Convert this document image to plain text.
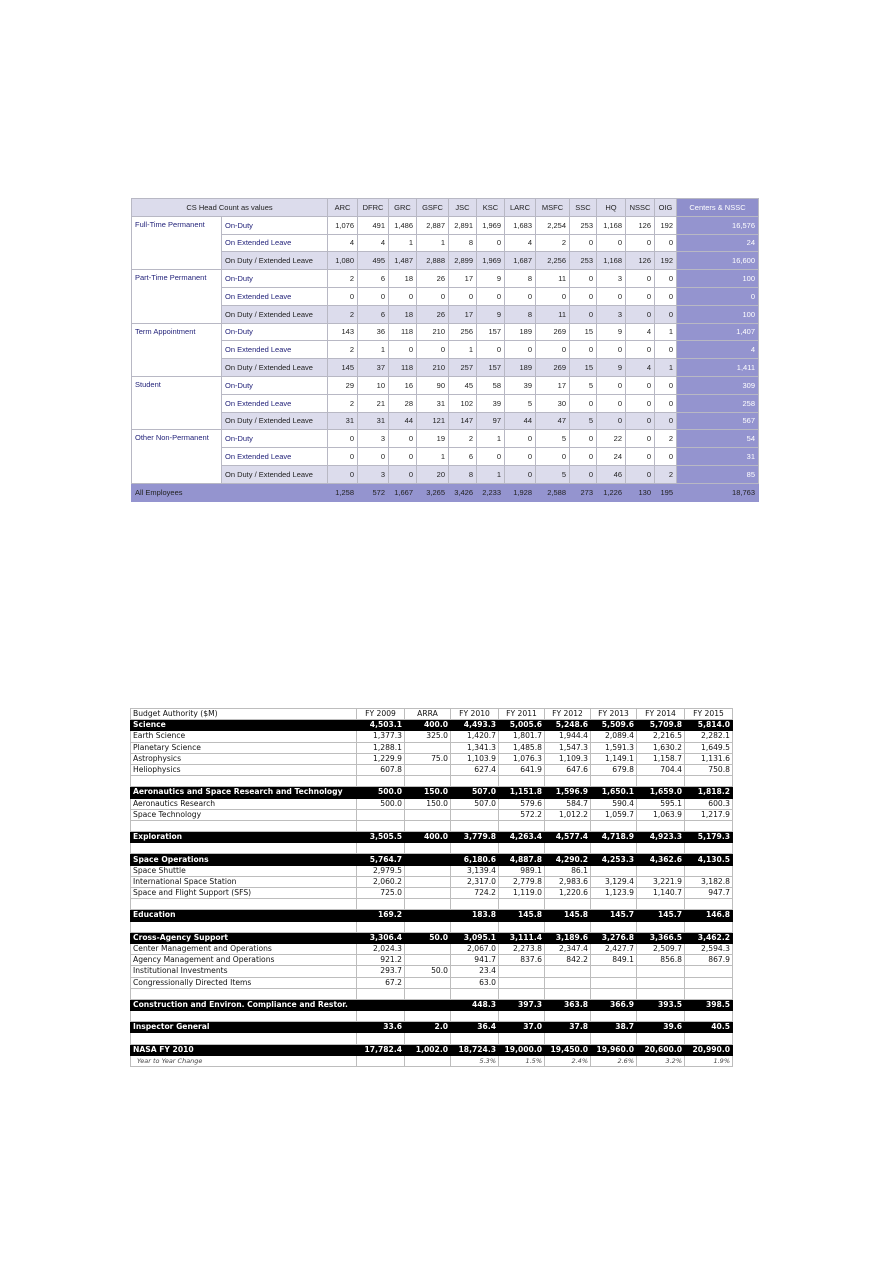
CS Head Count as values		ARC	DFRC	GRC	GSFC	JSC	KSC	LARC	MSFC	SSC	HQ	NSSC	OIG	Centers & NSSC
Full-Time Permanent	On-Duty	1,076	491	1,486	2,887	2,891	1,969	1,683	2,254	253	1,168	126	192	16,576
	On Extended Leave	4	4	1	1	8	0	4	2	0	0	0	0	24
	On Duty / Extended Leave	1,080	495	1,487	2,888	2,899	1,969	1,687	2,256	253	1,168	126	192	16,600
Part-Time Permanent	On-Duty	2	6	18	26	17	9	8	11	0	3	0	0	100
	On Extended Leave	0	0	0	0	0	0	0	0	0	0	0	0	0
	On Duty / Extended Leave	2	6	18	26	17	9	8	11	0	3	0	0	100
Term Appointment	On-Duty	143	36	118	210	256	157	189	269	15	9	4	1	1,407
	On Extended Leave	2	1	0	0	1	0	0	0	0	0	0	0	4
	On Duty / Extended Leave	145	37	118	210	257	157	189	269	15	9	4	1	1,411
Student	On-Duty	29	10	16	90	45	58	39	17	5	0	0	0	309
	On Extended Leave	2	21	28	31	102	39	5	30	0	0	0	0	258
	On Duty / Extended Leave	31	31	44	121	147	97	44	47	5	0	0	0	567
Other Non-Permanent	On-Duty	0	3	0	19	2	1	0	5	0	22	0	2	54
	On Extended Leave	0	0	0	1	6	0	0	0	0	24	0	0	31
	On Duty / Extended Leave	0	3	0	20	8	1	0	5	0	46	0	2	85
All Employees		1,258	572	1,667	3,265	3,426	2,233	1,928	2,588	273	1,226	130	195	18,763
Budget Authority ($M)	FY 2009	ARRA	FY 2010	FY 2011	FY 2012	FY 2013	FY 2014	FY 2015
Science	4,503.1	400.0	4,493.3	5,005.6	5,248.6	5,509.6	5,709.8	5,814.0
Earth Science	1,377.3	325.0	1,420.7	1,801.7	1,944.4	2,089.4	2,216.5	2,282.1
Planetary Science	1,288.1		1,341.3	1,485.8	1,547.3	1,591.3	1,630.2	1,649.5
Astrophysics	1,229.9	75.0	1,103.9	1,076.3	1,109.3	1,149.1	1,158.7	1,131.6
Heliophysics	607.8		627.4	641.9	647.6	679.8	704.4	750.8

Aeronautics and Space Research and Technology	500.0	150.0	507.0	1,151.8	1,596.9	1,650.1	1,659.0	1,818.2
Aeronautics Research	500.0	150.0	507.0	579.6	584.7	590.4	595.1	600.3
Space Technology				572.2	1,012.2	1,059.7	1,063.9	1,217.9

Exploration	3,505.5	400.0	3,779.8	4,263.4	4,577.4	4,718.9	4,923.3	5,179.3

Space Operations	5,764.7		6,180.6	4,887.8	4,290.2	4,253.3	4,362.6	4,130.5
Space Shuttle	2,979.5		3,139.4	989.1	86.1			
International Space Station	2,060.2		2,317.0	2,779.8	2,983.6	3,129.4	3,221.9	3,182.8
Space and Flight Support (SFS)	725.0		724.2	1,119.0	1,220.6	1,123.9	1,140.7	947.7

Education	169.2		183.8	145.8	145.8	145.7	145.7	146.8

Cross-Agency Support	3,306.4	50.0	3,095.1	3,111.4	3,189.6	3,276.8	3,366.5	3,462.2
Center Management and Operations	2,024.3		2,067.0	2,273.8	2,347.4	2,427.7	2,509.7	2,594.3
Agency Management and Operations	921.2		941.7	837.6	842.2	849.1	856.8	867.9
Institutional Investments	293.7	50.0	23.4					
Congressionally Directed Items	67.2		63.0					

Construction and Environ. Compliance and Restor.			448.3	397.3	363.8	366.9	393.5	398.5

Inspector General	33.6	2.0	36.4	37.0	37.8	38.7	39.6	40.5

NASA FY 2010	17,782.4	1,002.0	18,724.3	19,000.0	19,450.0	19,960.0	20,600.0	20,990.0
Year to Year Change			5.3%	1.5%	2.4%	2.6%	3.2%	1.9%
